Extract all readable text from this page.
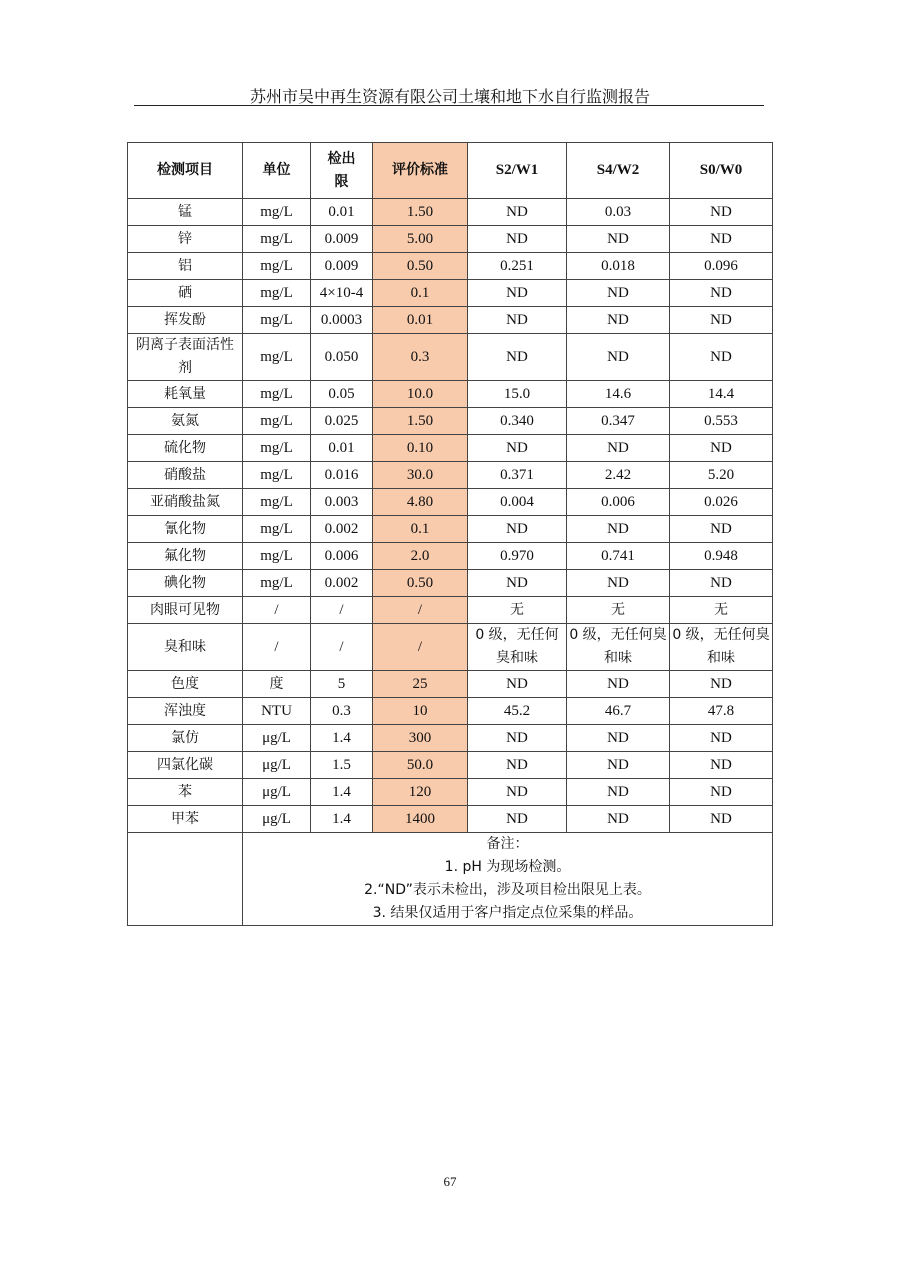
苏州市吴中再生资源有限公司土壤和地下水自行监测报告
检测项目	单位	检出限	评价标准	S2/W1	S4/W2	S0/W0
锰	mg/L	0.01	1.50	ND	0.03	ND
锌	mg/L	0.009	5.00	ND	ND	ND
铝	mg/L	0.009	0.50	0.251	0.018	0.096
硒	mg/L	4×10-4	0.1	ND	ND	ND
挥发酚	mg/L	0.0003	0.01	ND	ND	ND
阴离子表面活性剂	mg/L	0.050	0.3	ND	ND	ND
耗氧量	mg/L	0.05	10.0	15.0	14.6	14.4
氨氮	mg/L	0.025	1.50	0.340	0.347	0.553
硫化物	mg/L	0.01	0.10	ND	ND	ND
硝酸盐	mg/L	0.016	30.0	0.371	2.42	5.20
亚硝酸盐氮	mg/L	0.003	4.80	0.004	0.006	0.026
氰化物	mg/L	0.002	0.1	ND	ND	ND
氟化物	mg/L	0.006	2.0	0.970	0.741	0.948
碘化物	mg/L	0.002	0.50	ND	ND	ND
肉眼可见物	/	/	/	无	无	无
臭和味	/	/	/	0 级，无任何臭和味	0 级，无任何臭和味	0 级，无任何臭和味
色度	度	5	25	ND	ND	ND
浑浊度	NTU	0.3	10	45.2	46.7	47.8
氯仿	μg/L	1.4	300	ND	ND	ND
四氯化碳	μg/L	1.5	50.0	ND	ND	ND
苯	μg/L	1.4	120	ND	ND	ND
甲苯	μg/L	1.4	1400	ND	ND	ND

	备注：
1. pH 为现场检测。
2.“ND”表示未检出，涉及项目检出限见上表。
3. 结果仅适用于客户指定点位采集的样品。					
67
